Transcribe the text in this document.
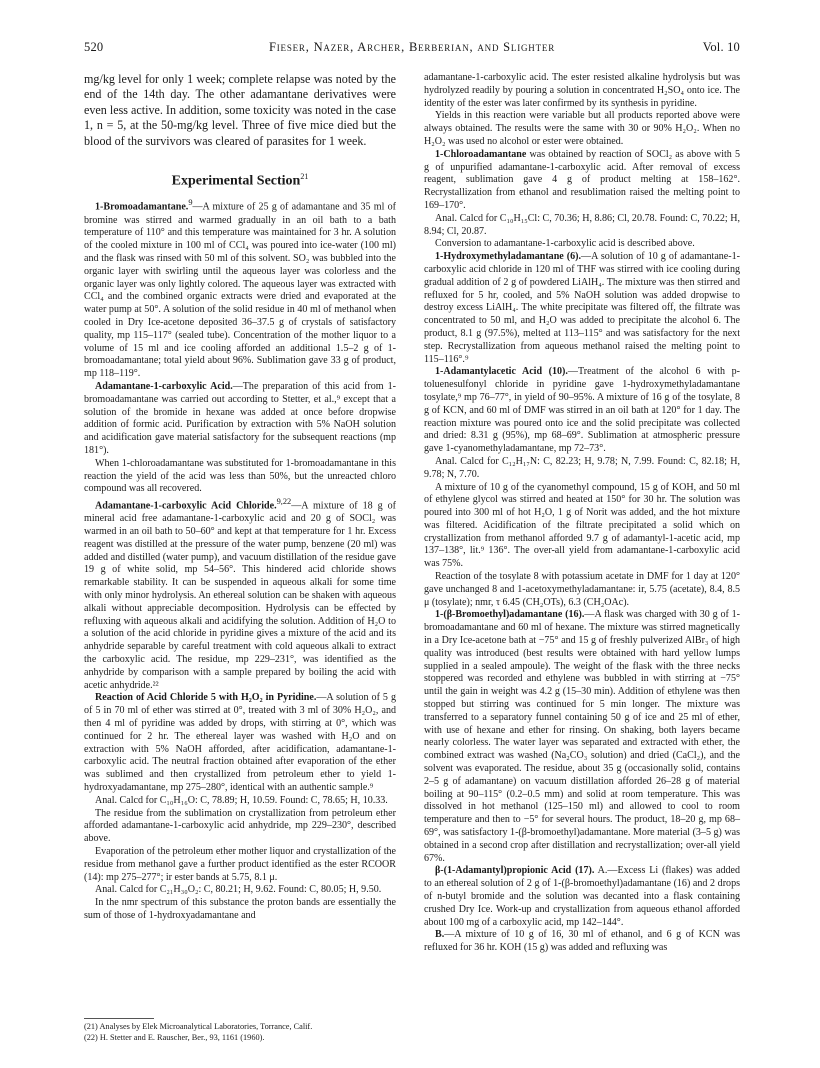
520	Fieser, Nazer, Archer, Berberian, and Slighter	Vol. 10

mg/kg level for only 1 week; complete relapse was noted by the end of the 14th day. The other adamantane derivatives were even less active. In addition, some toxicity was noted in the case 1, n = 5, at the 50-mg/kg level. Three of five mice died but the blood of the survivors was cleared of parasites for 1 week.

Experimental Section$^{21}$

1-Bromoadamantane.$^9$—A mixture of 25 g of adamantane and 35 ml of bromine was stirred and warmed gradually in an oil bath to a bath temperature of 110° and this temperature was maintained for 3 hr. A solution of the cooled mixture in 100 ml of CCl₄ was poured into ice-water (100 ml) and the flask was rinsed with 50 ml of this solvent. SO₂ was bubbled into the organic layer with swirling until the aqueous layer was colorless and the organic layer was only lightly colored. The aqueous layer was extracted with CCl₄ and the combined organic extracts were dried and evaporated at the water pump at 50°. A solution of the solid residue in 40 ml of methanol when cooled in Dry Ice-acetone deposited 36–37.5 g of crystals of satisfactory quality, mp 115–117° (sealed tube). Concentration of the mother liquor to a volume of 15 ml and ice cooling afforded an additional 1.5–2 g of 1-bromoadamantane; total yield about 96%. Sublimation gave 33 g of product, mp 118–119°.

Adamantane-1-carboxylic Acid.—The preparation of this acid from 1-bromoadamantane was carried out according to Stetter, et al.,⁹ except that a solution of the bromide in hexane was added at once before dropwise addition of formic acid. Purification by extraction with 5% NaOH solution and acidification gave material satisfactory for the subsequent reactions (mp 181°).

When 1-chloroadamantane was substituted for 1-bromoadamantane in this reaction the yield of the acid was less than 50%, but the unreacted chloro compound was all recovered.

Adamantane-1-carboxylic Acid Chloride.$^{9,22}$—A mixture of 18 g of mineral acid free adamantane-1-carboxylic acid and 20 g of SOCl₂ was warmed in an oil bath to 50–60° and kept at that temperature for 1 hr. Excess reagent was distilled at the pressure of the water pump, benzene (20 ml) was added and distilled (water pump), and vacuum distillation of the residue gave 19 g of white solid, mp 54–56°. This hindered acid chloride shows remarkable stability. It can be suspended in aqueous alkali for some time with only minor hydrolysis. An ethereal solution can be shaken with aqueous alkali without appreciable decomposition. Hydrolysis can be effected by refluxing with aqueous alkali and acidifying the solution. Addition of H₂O to a solution of the acid chloride in pyridine gives a mixture of the acid and its anhydride separable by careful treatment with cold aqueous alkali to extract the carboxylic acid. The residue, mp 229–231°, was identified as the anhydride by comparison with a sample prepared by boiling the acid with acetic anhydride.²²

Reaction of Acid Chloride 5 with H₂O₂ in Pyridine.—A solution of 5 g of 5 in 70 ml of ether was stirred at 0°, treated with 3 ml of 30% H₂O₂, and then 4 ml of pyridine was added by drops, with stirring at 0°, which was continued for 2 hr. The ethereal layer was washed with H₂O and on extraction with 5% NaOH afforded, after acidification, adamantane-1-carboxylic acid. The neutral fraction obtained after evaporation of the ether was sublimed and then crystallized from petroleum ether to yield 1-hydroxyadamantane, mp 275–280°, identical with an authentic sample.⁹

Anal. Calcd for C₁₀H₁₆O: C, 78.89; H, 10.59. Found: C, 78.65; H, 10.33.

The residue from the sublimation on crystallization from petroleum ether afforded adamantane-1-carboxylic acid anhydride, mp 229–230°, described above.

Evaporation of the petroleum ether mother liquor and crystallization of the residue from methanol gave a further product identified as the ester RCOOR (14): mp 275–277°; ir ester bands at 5.75, 8.1 μ.

Anal. Calcd for C₂₁H₃₀O₂: C, 80.21; H, 9.62. Found: C, 80.05; H, 9.50.

In the nmr spectrum of this substance the proton bands are essentially the sum of those of 1-hydroxyadamantane and

(21) Analyses by Elek Microanalytical Laboratories, Torrance, Calif.
(22) H. Stetter and E. Rauscher, Ber., 93, 1161 (1960).

adamantane-1-carboxylic acid. The ester resisted alkaline hydrolysis but was hydrolyzed readily by pouring a solution in concentrated H₂SO₄ onto ice. The identity of the ester was later confirmed by its synthesis in pyridine.

Yields in this reaction were variable but all products reported above were always obtained. The results were the same with 30 or 90% H₂O₂. When no H₂O₂ was used no alcohol or ester were obtained.

1-Chloroadamantane was obtained by reaction of SOCl₂ as above with 5 g of unpurified adamantane-1-carboxylic acid. After removal of excess reagent, sublimation gave 4 g of product melting at 158–162°. Recrystallization from ethanol and resublimation raised the melting point to 169–170°.

Anal. Calcd for C₁₀H₁₅Cl: C, 70.36; H, 8.86; Cl, 20.78. Found: C, 70.22; H, 8.94; Cl, 20.87.

Conversion to adamantane-1-carboxylic acid is described above.

1-Hydroxymethyladamantane (6).—A solution of 10 g of adamantane-1-carboxylic acid chloride in 120 ml of THF was stirred with ice cooling during gradual addition of 2 g of powdered LiAlH₄. The mixture was then stirred and refluxed for 5 hr, cooled, and 5% NaOH solution was added dropwise to destroy excess LiAlH₄. The white precipitate was filtered off, the filtrate was concentrated to 50 ml, and H₂O was added to precipitate the alcohol 6. The product, 8.1 g (97.5%), melted at 113–115° and was satisfactory for the next step. Recrystallization from aqueous methanol raised the melting point to 115–116°.⁹

1-Adamantylacetic Acid (10).—Treatment of the alcohol 6 with p-toluenesulfonyl chloride in pyridine gave 1-hydroxymethyladamantane tosylate,⁹ mp 76–77°, in yield of 90–95%. A mixture of 16 g of the tosylate, 8 g of KCN, and 60 ml of DMF was stirred in an oil bath at 120° for 1 day. The reaction mixture was poured onto ice and the solid precipitate was collected and dried: 8.31 g (95%), mp 68–69°. Sublimation at atmospheric pressure gave 1-cyanomethyladamantane, mp 72–73°.

Anal. Calcd for C₁₂H₁₇N: C, 82.23; H, 9.78; N, 7.99. Found: C, 82.18; H, 9.78; N, 7.70.

A mixture of 10 g of the cyanomethyl compound, 15 g of KOH, and 50 ml of ethylene glycol was stirred and heated at 150° for 30 hr. The solution was poured into 300 ml of hot H₂O, 1 g of Norit was added, and the hot mixture was filtered. Acidification of the filtrate precipitated a solid which on crystallization from methanol afforded 9.7 g of adamantyl-1-acetic acid, mp 137–138°, lit.⁹ 136°. The over-all yield from adamantane-1-carboxylic acid was 75%.

Reaction of the tosylate 8 with potassium acetate in DMF for 1 day at 120° gave unchanged 8 and 1-acetoxymethyladamantane: ir, 5.75 (acetate), 8.4, 8.5 μ (tosylate); nmr, τ 6.45 (CH₂OTs), 6.3 (CH₂OAc).

1-(β-Bromoethyl)adamantane (16).—A flask was charged with 30 g of 1-bromoadamantane and 60 ml of hexane. The mixture was stirred magnetically in a Dry Ice-acetone bath at −75° and 15 g of freshly pulverized AlBr₃ of high quality was introduced (best results were obtained with hard yellow lumps supplied in a sealed ampoule). The weight of the flask with the three necks stoppered was recorded and ethylene was bubbled in with stirring at −75° until the gain in weight was 4.2 g (15–30 min). Addition of ethylene was then stopped but stirring was continued for 5 min longer. The mixture was transferred to a separatory funnel containing 50 g of ice and 25 ml of ether, with use of hexane and ether for rinsing. On shaking, both layers became nearly colorless. The water layer was separated and extracted with ether, the combined extract was washed (Na₂CO₃ solution) and dried (CaCl₂), and the solvent was evaporated. The residue, about 35 g (occasionally solid, contains 2–5 g of adamantane) on vacuum distillation afforded 26–28 g of material boiling at 90–115° (0.2–0.5 mm) and solid at room temperature. This was dissolved in hot methanol (125–150 ml) and allowed to cool to room temperature and then to −5° for several hours. The product, 18–20 g, mp 68–69°, was satisfactory 1-(β-bromoethyl)adamantane. More material (3–5 g) was obtained in a second crop after distillation and recrystallization; over-all yield 67%.

β-(1-Adamantyl)propionic Acid (17). A.—Excess Li (flakes) was added to an ethereal solution of 2 g of 1-(β-bromoethyl)adamantane (16) and 2 drops of n-butyl bromide and the solution was decanted into a flask containing crushed Dry Ice. Work-up and crystallization from aqueous ethanol afforded about 100 mg of a carboxylic acid, mp 142–144°.

B.—A mixture of 10 g of 16, 30 ml of ethanol, and 6 g of KCN was refluxed for 36 hr. KOH (15 g) was added and refluxing was
